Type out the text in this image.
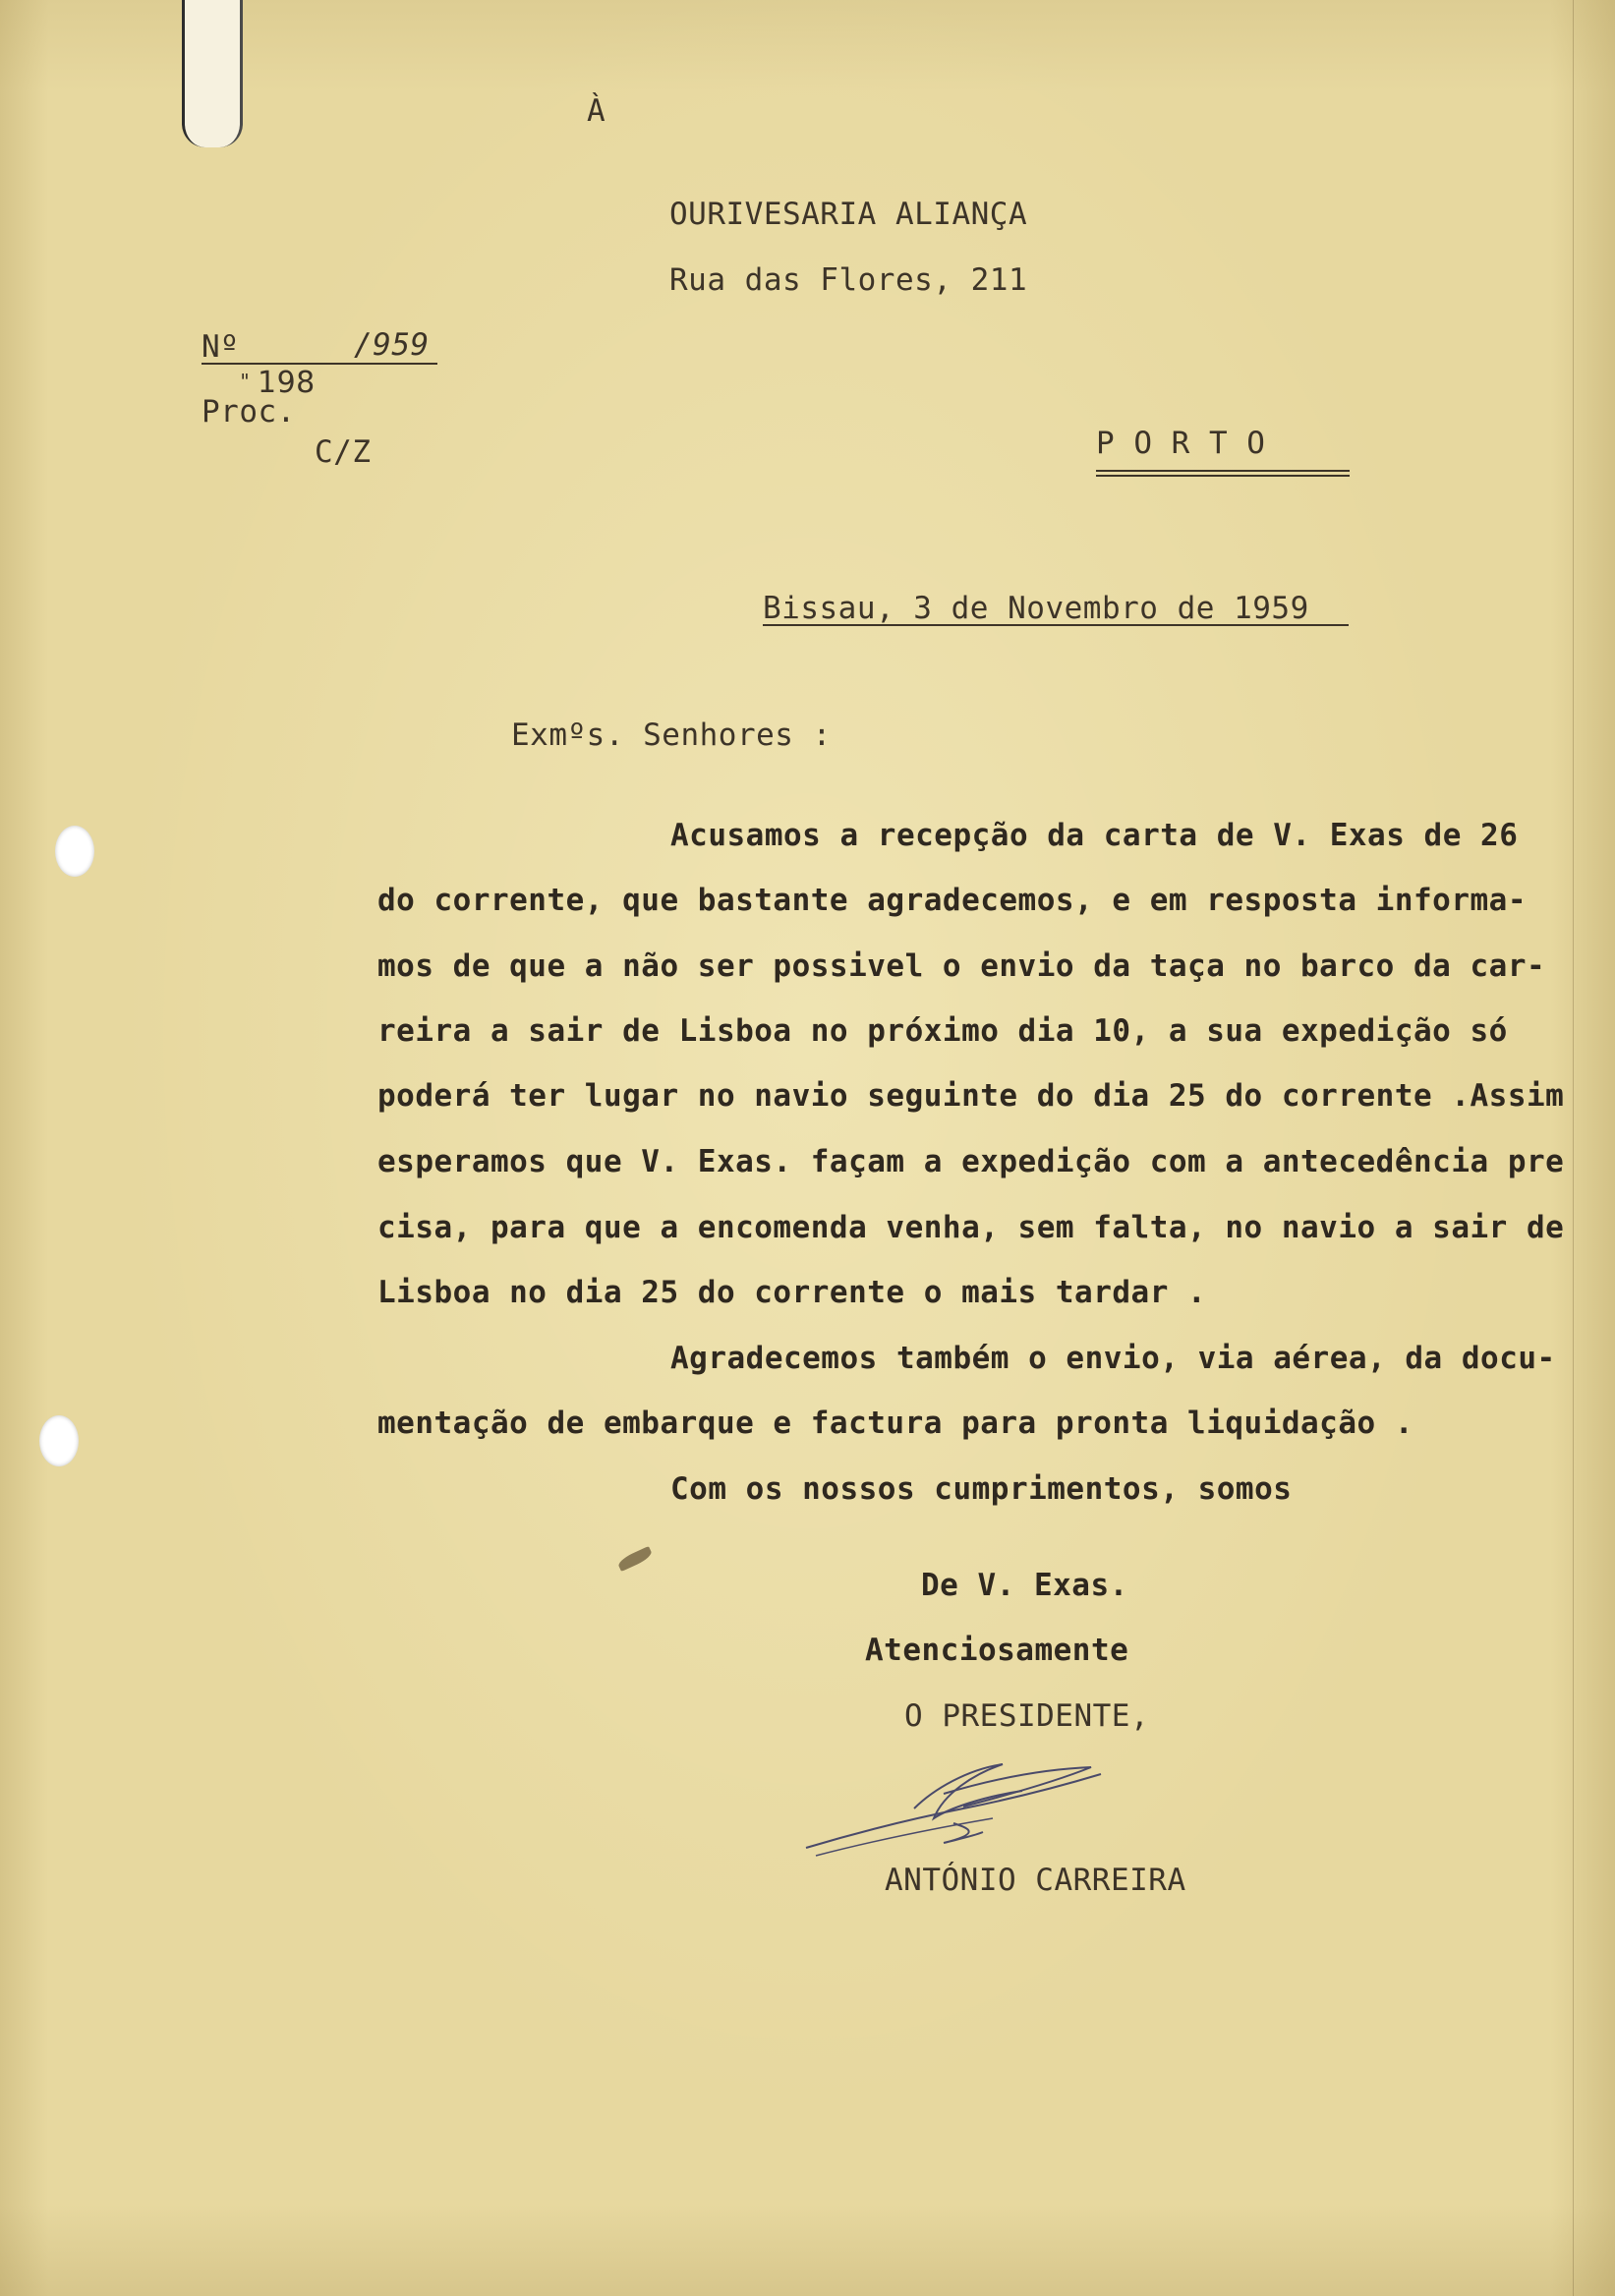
À
OURIVESARIA ALIANÇA
Rua das Flores, 211
Nº	/959
" 198
Proc.
C/Z	P O R T O
Bissau, 3 de Novembro de 1959
Exmºs. Senhores :
Acusamos a recepção da carta de V. Exas de 26
do corrente, que bastante agradecemos, e em resposta informa-
mos de que a não ser possivel o envio da taça no barco da car-
reira a sair de Lisboa no próximo dia 10, a sua expedição só
poderá ter lugar no navio seguinte do dia 25 do corrente .Assim
esperamos que V. Exas. façam a expedição com a antecedência pre
cisa, para que a encomenda venha, sem falta, no navio a sair de
Lisboa no dia 25 do corrente o mais tardar .
Agradecemos também o envio, via aérea, da docu-
mentação de embarque e factura para pronta liquidação .
Com os nossos cumprimentos, somos
De V. Exas.
Atenciosamente
O PRESIDENTE,
ANTÓNIO CARREIRA
